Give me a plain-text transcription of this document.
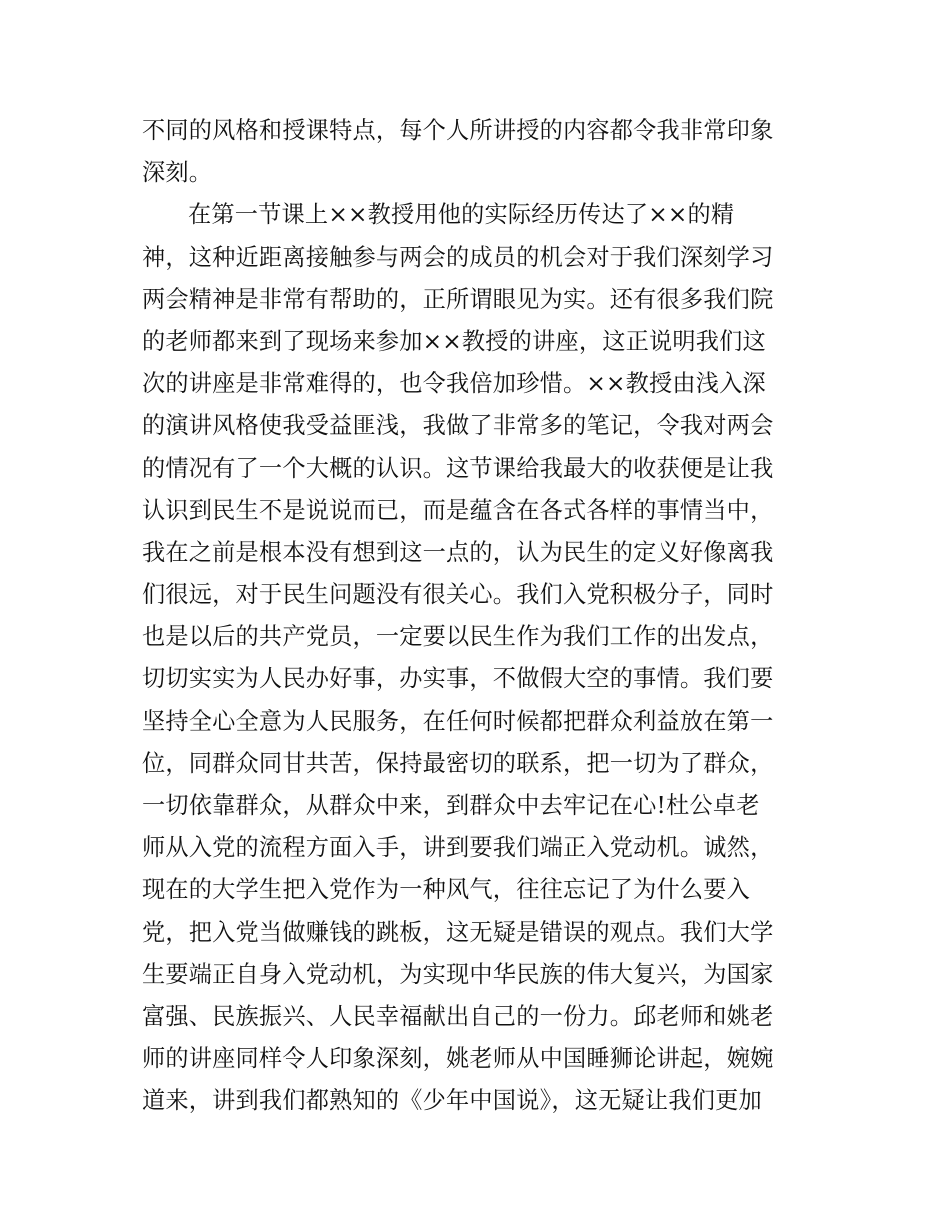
不同的风格和授课特点，每个人所讲授的内容都令我非常印象
深刻。
在第一节课上××教授用他的实际经历传达了××的精
神，这种近距离接触参与两会的成员的机会对于我们深刻学习
两会精神是非常有帮助的，正所谓眼见为实。还有很多我们院
的老师都来到了现场来参加××教授的讲座，这正说明我们这
次的讲座是非常难得的，也令我倍加珍惜。××教授由浅入深
的演讲风格使我受益匪浅，我做了非常多的笔记，令我对两会
的情况有了一个大概的认识。这节课给我最大的收获便是让我
认识到民生不是说说而已，而是蕴含在各式各样的事情当中，
我在之前是根本没有想到这一点的，认为民生的定义好像离我
们很远，对于民生问题没有很关心。我们入党积极分子，同时
也是以后的共产党员，一定要以民生作为我们工作的出发点，
切切实实为人民办好事，办实事，不做假大空的事情。我们要
坚持全心全意为人民服务，在任何时候都把群众利益放在第一
位，同群众同甘共苦，保持最密切的联系，把一切为了群众，
一切依靠群众，从群众中来，到群众中去牢记在心!杜公卓老
师从入党的流程方面入手，讲到要我们端正入党动机。诚然，
现在的大学生把入党作为一种风气，往往忘记了为什么要入
党，把入党当做赚钱的跳板，这无疑是错误的观点。我们大学
生要端正自身入党动机，为实现中华民族的伟大复兴，为国家
富强、民族振兴、人民幸福献出自己的一份力。邱老师和姚老
师的讲座同样令人印象深刻，姚老师从中国睡狮论讲起，婉婉
道来，讲到我们都熟知的《少年中国说》，这无疑让我们更加
